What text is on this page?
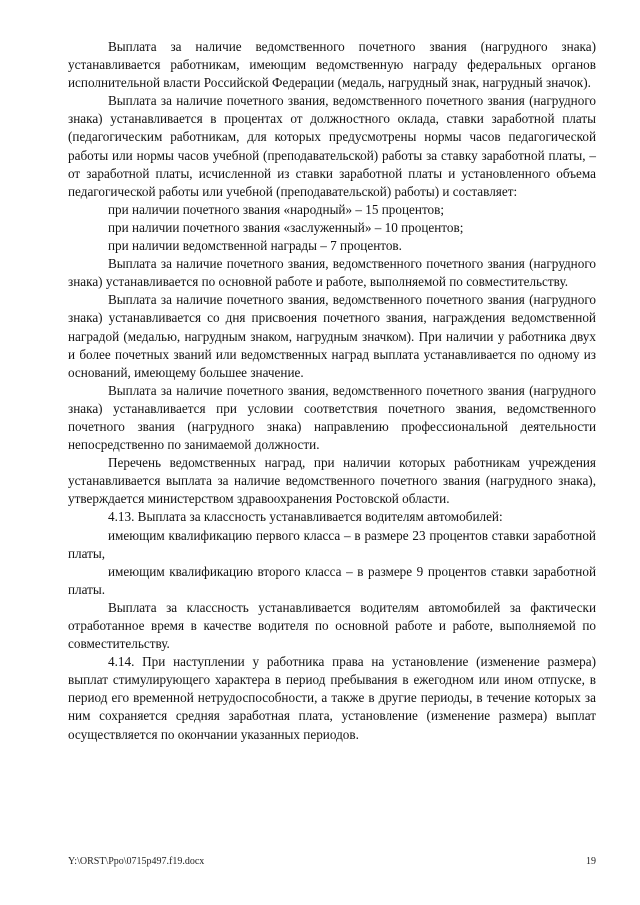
Выплата за наличие ведомственного почетного звания (нагрудного знака) устанавливается работникам, имеющим ведомственную награду федеральных органов исполнительной власти Российской Федерации (медаль, нагрудный знак, нагрудный значок).

Выплата за наличие почетного звания, ведомственного почетного звания (нагрудного знака) устанавливается в процентах от должностного оклада, ставки заработной платы (педагогическим работникам, для которых предусмотрены нормы часов педагогической работы или нормы часов учебной (преподавательской) работы за ставку заработной платы, – от заработной платы, исчисленной из ставки заработной платы и установленного объема педагогической работы или учебной (преподавательской) работы) и составляет:

при наличии почетного звания «народный» – 15 процентов;

при наличии почетного звания «заслуженный» – 10 процентов;

при наличии ведомственной награды – 7 процентов.

Выплата за наличие почетного звания, ведомственного почетного звания (нагрудного знака) устанавливается по основной работе и работе, выполняемой по совместительству.

Выплата за наличие почетного звания, ведомственного почетного звания (нагрудного знака) устанавливается со дня присвоения почетного звания, награждения ведомственной наградой (медалью, нагрудным знаком, нагрудным значком). При наличии у работника двух и более почетных званий или ведомственных наград выплата устанавливается по одному из оснований, имеющему большее значение.

Выплата за наличие почетного звания, ведомственного почетного звания (нагрудного знака) устанавливается при условии соответствия почетного звания, ведомственного почетного звания (нагрудного знака) направлению профессиональной деятельности непосредственно по занимаемой должности.

Перечень ведомственных наград, при наличии которых работникам учреждения устанавливается выплата за наличие ведомственного почетного звания (нагрудного знака), утверждается министерством здравоохранения Ростовской области.

4.13. Выплата за классность устанавливается водителям автомобилей:

имеющим квалификацию первого класса – в размере 23 процентов ставки заработной платы,

имеющим квалификацию второго класса – в размере 9 процентов ставки заработной платы.

Выплата за классность устанавливается водителям автомобилей за фактически отработанное время в качестве водителя по основной работе и работе, выполняемой по совместительству.

4.14. При наступлении у работника права на установление (изменение размера) выплат стимулирующего характера в период пребывания в ежегодном или ином отпуске, в период его временной нетрудоспособности, а также в другие периоды, в течение которых за ним сохраняется средняя заработная плата, установление (изменение размера) выплат осуществляется по окончании указанных периодов.

Y:\ORST\Ppo\0715p497.f19.docx	19
